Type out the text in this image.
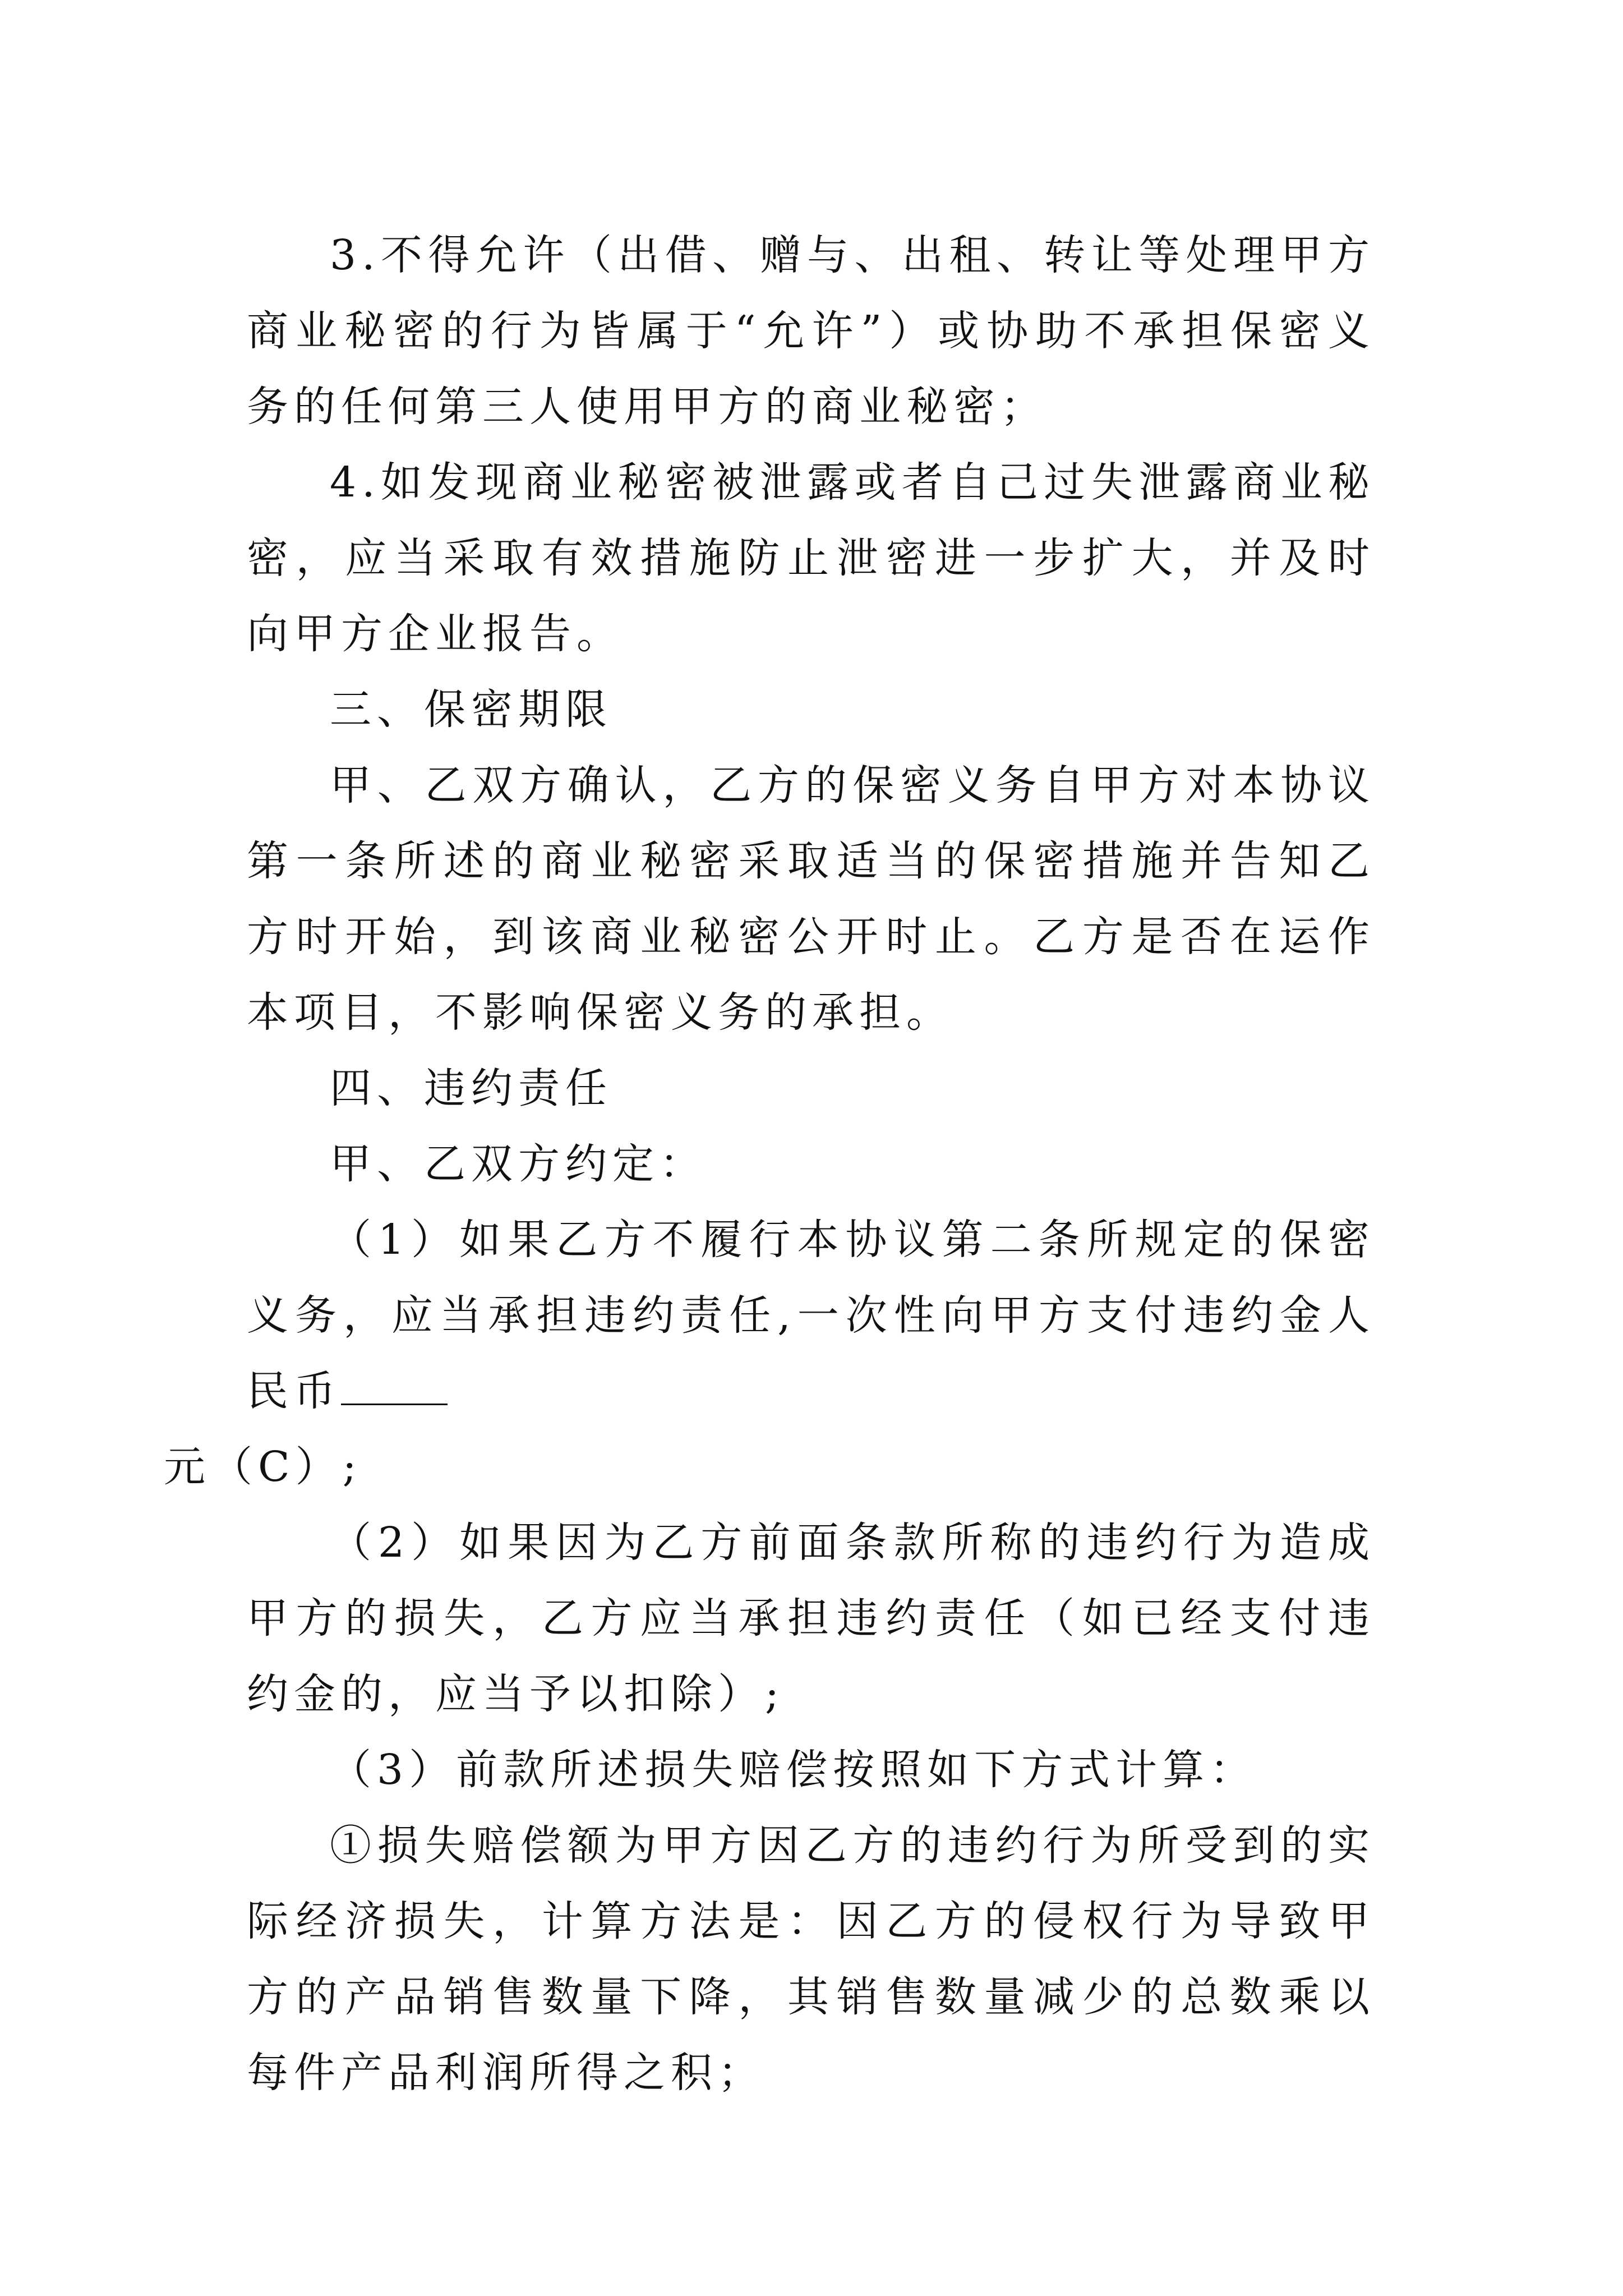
3.不得允许（出借、赠与、出租、转让等处理甲方商业秘密的行为皆属于“允许”）或协助不承担保密义务的任何第三人使用甲方的商业秘密；

4.如发现商业秘密被泄露或者自己过失泄露商业秘密，应当采取有效措施防止泄密进一步扩大，并及时向甲方企业报告。

三、保密期限

甲、乙双方确认，乙方的保密义务自甲方对本协议第一条所述的商业秘密采取适当的保密措施并告知乙方时开始，到该商业秘密公开时止。乙方是否在运作本项目，不影响保密义务的承担。

四、违约责任

甲、乙双方约定：

（1）如果乙方不履行本协议第二条所规定的保密义务，应当承担违约责任,一次性向甲方支付违约金人民币
元（C）;

（2）如果因为乙方前面条款所称的违约行为造成甲方的损失，乙方应当承担违约责任（如已经支付违约金的，应当予以扣除）;

（3）前款所述损失赔偿按照如下方式计算：

①损失赔偿额为甲方因乙方的违约行为所受到的实际经济损失，计算方法是：因乙方的侵权行为导致甲方的产品销售数量下降，其销售数量减少的总数乘以每件产品利润所得之积；
